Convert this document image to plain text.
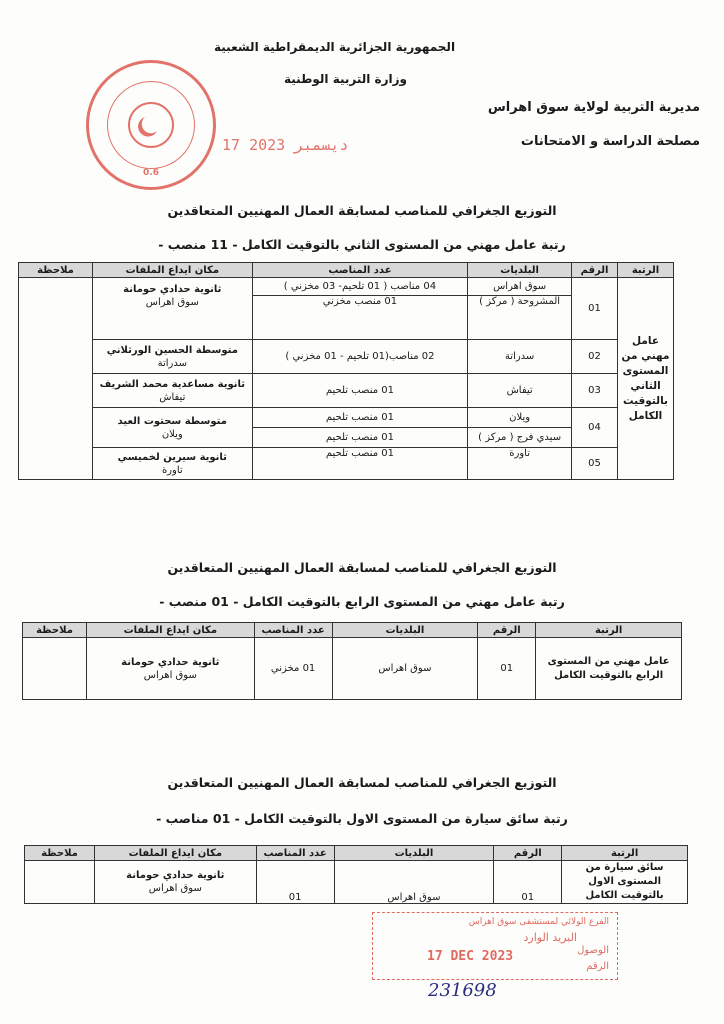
0.6
17 ديسمبر 2023
الجمهورية الجزائرية الديمقراطية الشعبية
وزارة التربية الوطنية
مديرية التربية لولاية سوق اهراس
مصلحة الدراسة و الامتحانات
التوزيع الجغرافي للمناصب لمسابقة العمال المهنيين المتعاقدين
رتبة عامل مهني من المستوى الثاني بالتوقيت الكامل - 11 منصب -
الرتبة	الرقم	البلديات	عدد المناصب	مكان ايداع الملفات	ملاحظة
عامل مهني من المستوى الثاني بالتوقيت الكامل	01	سوق اهراس	04 مناصب ( 01 تلحيم- 03 مخزني )	ثانوية حدادي حومانة
سوق اهراس	

		المشروحة ( مركز )	01 منصب مخزني		
	02	سدراتة	02 مناصب(01 تلحيم - 01 مخزني )	متوسطة الحسين الورثلاني
سدراتة	

	03	تيفاش	01 منصب تلحيم	ثانوية مساعدية محمد الشريف
تيفاش	

	04	ويلان	01 منصب تلحيم	متوسطة سحتوت العيد
ويلان	

		سيدي فرج ( مركز )	01 منصب تلحيم		
	05	تاورة	01 منصب تلحيم	ثانوية سيرين لخميسي
تاورة	
التوزيع الجغرافي للمناصب لمسابقة العمال المهنيين المتعاقدين
رتبة عامل مهني من المستوى الرابع بالتوقيت الكامل - 01 منصب -
الرتبة	الرقم	البلديات	عدد المناصب	مكان ايداع الملفات	ملاحظة
عامل مهني من المستوى الرابع بالتوقيت الكامل	01	سوق اهراس	01 مخزني	ثانوية حدادي حومانة
سوق اهراس	

التوزيع الجغرافي للمناصب لمسابقة العمال المهنيين المتعاقدين
رتبة سائق سيارة من المستوى الاول بالتوقيت الكامل - 01 مناصب -
الرتبة	الرقم	البلديات	عدد المناصب	مكان ايداع الملفات	ملاحظة
سائق سيارة من المستوى الاول بالتوقيت الكامل	01	سوق اهراس	01	ثانوية حدادي حومانة
سوق اهراس	

الفرع الولائي لمستشفى سوق اهراس
البريد الوارد
الوصول
الرقم
17 DEC 2023
231698
